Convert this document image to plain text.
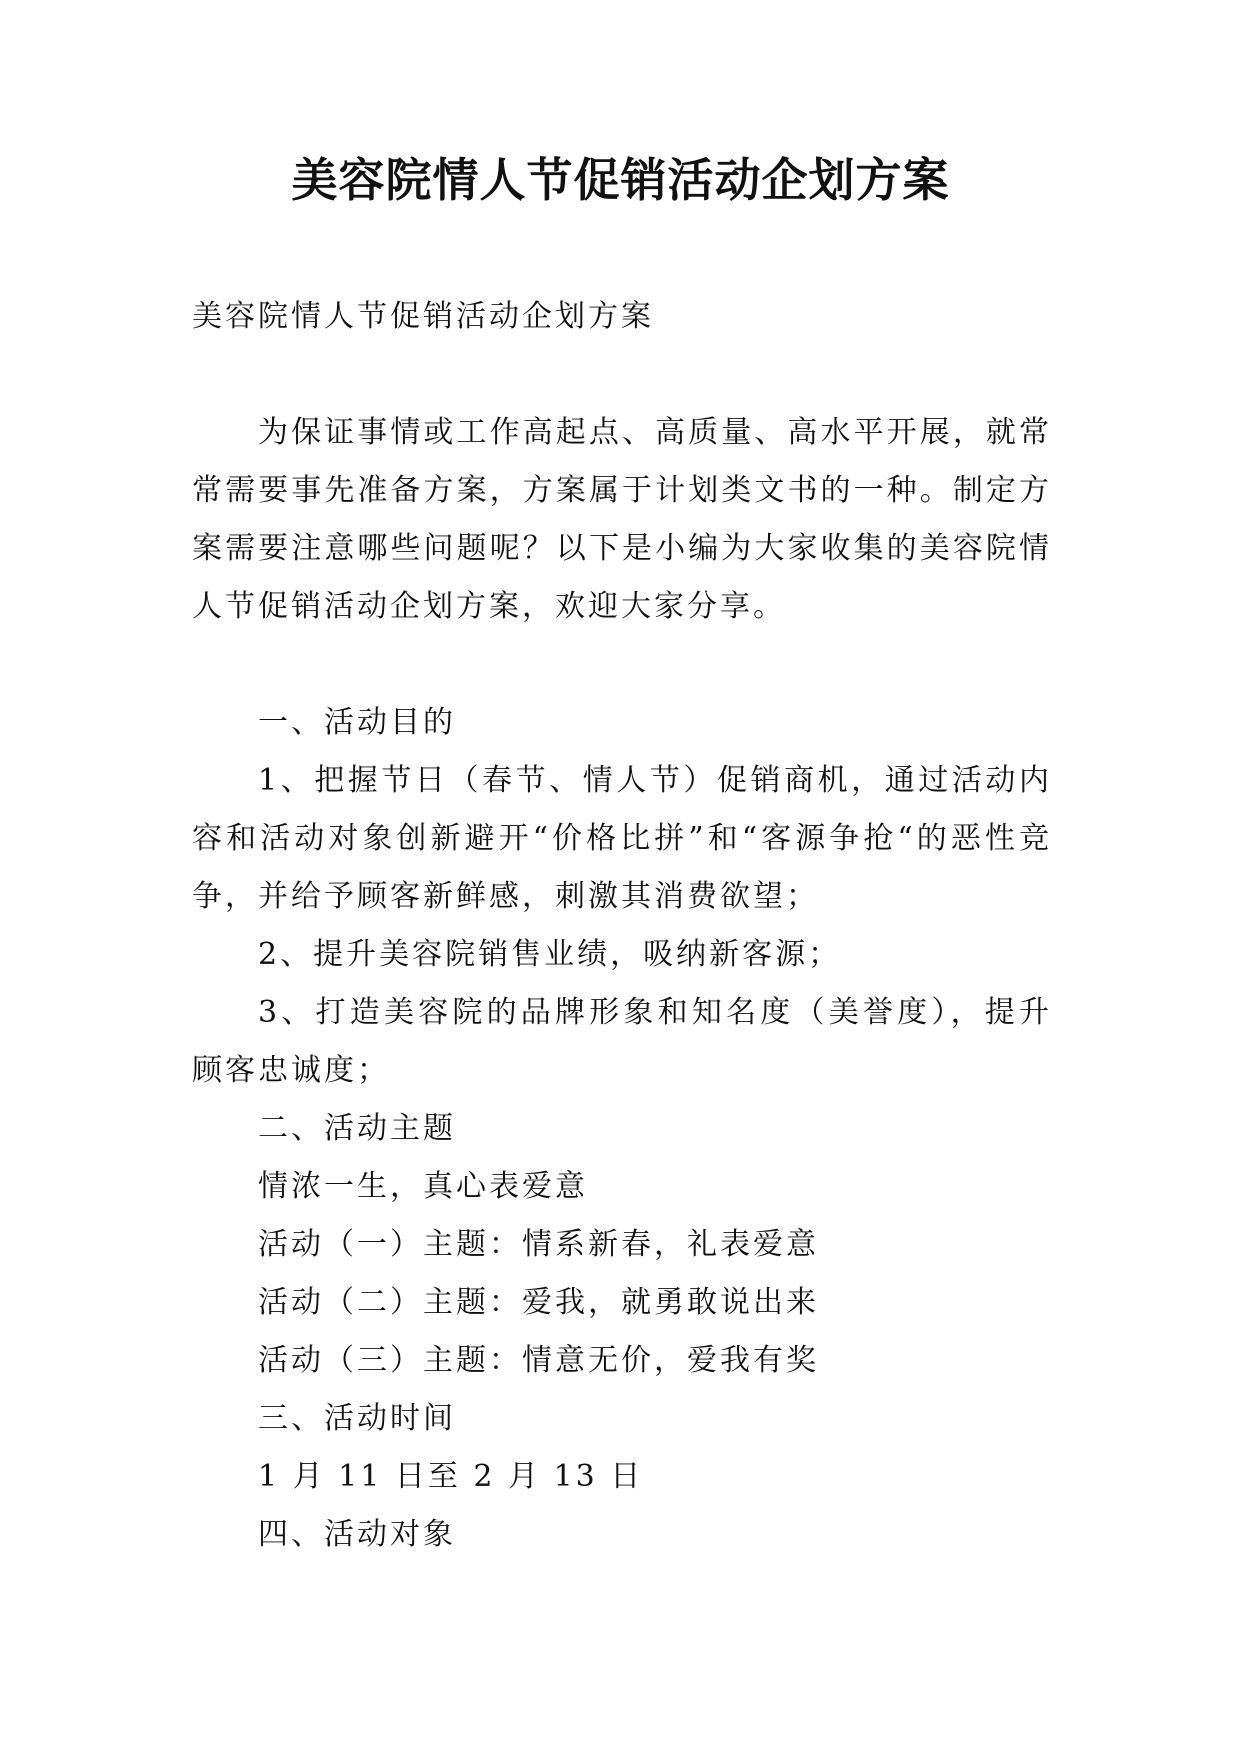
美容院情人节促销活动企划方案

美容院情人节促销活动企划方案

为保证事情或工作高起点、高质量、高水平开展，就常常需要事先准备方案，方案属于计划类文书的一种。制定方案需要注意哪些问题呢？以下是小编为大家收集的美容院情人节促销活动企划方案，欢迎大家分享。

一、活动目的

1、把握节日（春节、情人节）促销商机，通过活动内容和活动对象创新避开“价格比拼”和“客源争抢“的恶性竞争，并给予顾客新鲜感，刺激其消费欲望；

2、提升美容院销售业绩，吸纳新客源；

3、打造美容院的品牌形象和知名度（美誉度），提升顾客忠诚度；

二、活动主题

情浓一生，真心表爱意

活动（一）主题：情系新春，礼表爱意

活动（二）主题：爱我，就勇敢说出来

活动（三）主题：情意无价，爱我有奖

三、活动时间

1 月 11 日至 2 月 13 日

四、活动对象
